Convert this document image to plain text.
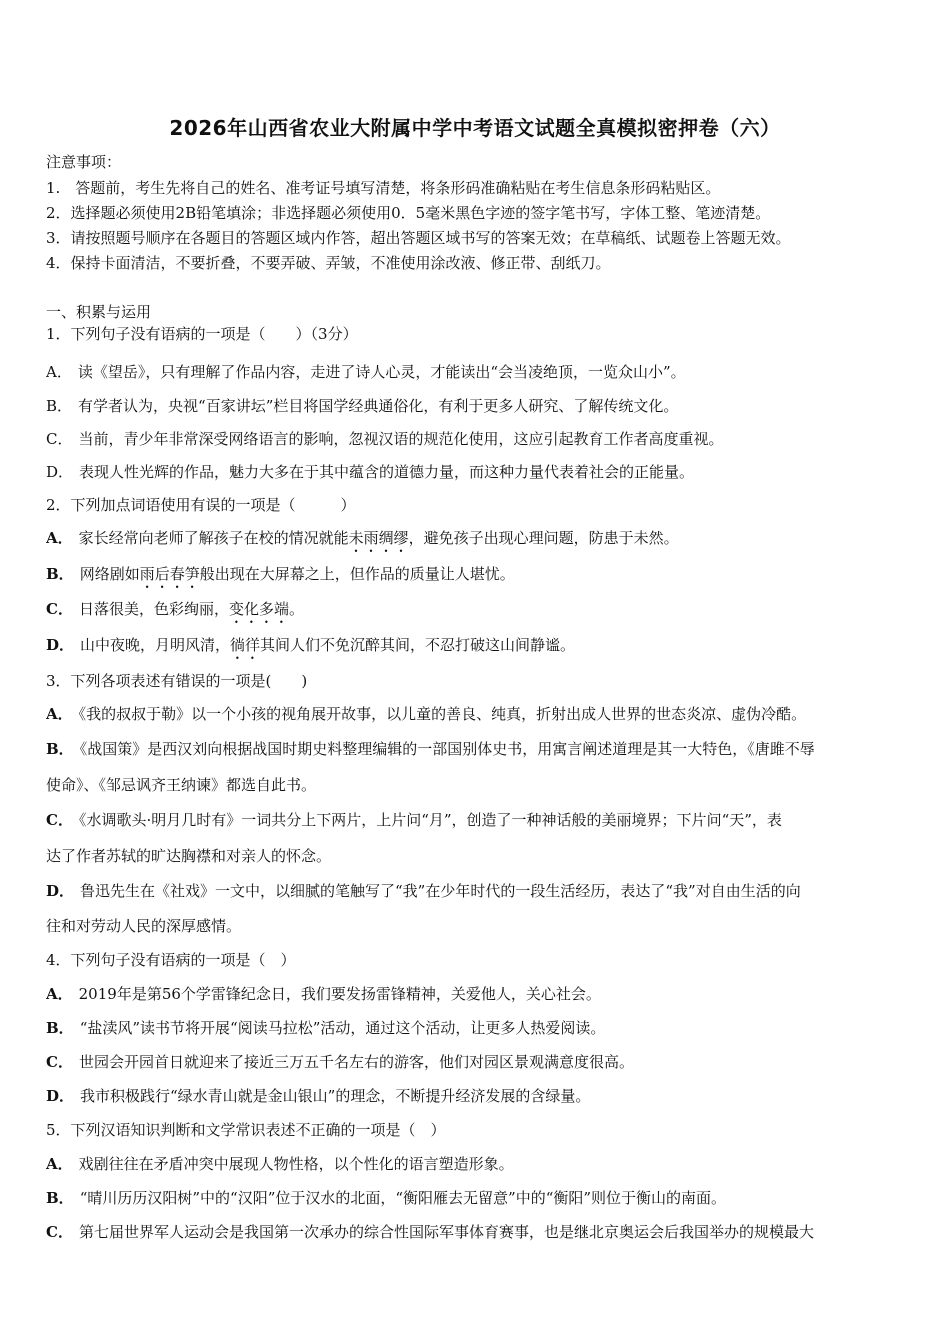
2026年山西省农业大附属中学中考语文试题全真模拟密押卷（六）
注意事项：
1.　答题前，考生先将自己的姓名、准考证号填写清楚，将条形码准确粘贴在考生信息条形码粘贴区。
2．选择题必须使用2B铅笔填涂；非选择题必须使用0．5毫米黑色字迹的签字笔书写，字体工整、笔迹清楚。
3．请按照题号顺序在各题目的答题区域内作答，超出答题区域书写的答案无效；在草稿纸、试题卷上答题无效。
4．保持卡面清洁，不要折叠，不要弄破、弄皱，不准使用涂改液、修正带、刮纸刀。
一、积累与运用
1．下列句子没有语病的一项是（　　）（3分）
A． 读《望岳》，只有理解了作品内容，走进了诗人心灵，才能读出“会当凌绝顶，一览众山小”。
B． 有学者认为，央视“百家讲坛”栏目将国学经典通俗化，有利于更多人研究、了解传统文化。
C． 当前，青少年非常深受网络语言的影响，忽视汉语的规范化使用，这应引起教育工作者高度重视。
D． 表现人性光辉的作品，魅力大多在于其中蕴含的道德力量，而这种力量代表着社会的正能量。
2．下列加点词语使用有误的一项是（　　　）
A． 家长经常向老师了解孩子在校的情况就能未雨绸缪，避免孩子出现心理问题，防患于未然。
B． 网络剧如雨后春笋般出现在大屏幕之上，但作品的质量让人堪忧。
C． 日落很美，色彩绚丽，变化多端。
D． 山中夜晚，月明风清，徜徉其间人们不免沉醉其间，不忍打破这山间静谧。
3．下列各项表述有错误的一项是(　　)
A． 《我的叔叔于勒》以一个小孩的视角展开故事，以儿童的善良、纯真，折射出成人世界的世态炎凉、虚伪冷酷。
B． 《战国策》是西汉刘向根据战国时期史料整理编辑的一部国别体史书，用寓言阐述道理是其一大特色，《唐雎不辱
使命》、《邹忌讽齐王纳谏》都选自此书。
C． 《水调歌头·明月几时有》一词共分上下两片，上片问“月”，创造了一种神话般的美丽境界；下片问“天”，表
达了作者苏轼的旷达胸襟和对亲人的怀念。
D． 鲁迅先生在《社戏》一文中，以细腻的笔触写了“我”在少年时代的一段生活经历，表达了“我”对自由生活的向
往和对劳动人民的深厚感情。
4．下列句子没有语病的一项是（　）
A． 2019年是第56个学雷锋纪念日，我们要发扬雷锋精神，关爱他人，关心社会。
B． “盐渎风”读书节将开展“阅读马拉松”活动，通过这个活动，让更多人热爱阅读。
C． 世园会开园首日就迎来了接近三万五千名左右的游客，他们对园区景观满意度很高。
D． 我市积极践行“绿水青山就是金山银山”的理念，不断提升经济发展的含绿量。
5．下列汉语知识判断和文学常识表述不正确的一项是（　）
A． 戏剧往往在矛盾冲突中展现人物性格，以个性化的语言塑造形象。
B． “晴川历历汉阳树”中的“汉阳”位于汉水的北面，“衡阳雁去无留意”中的“衡阳”则位于衡山的南面。
C． 第七届世界军人运动会是我国第一次承办的综合性国际军事体育赛事，也是继北京奥运会后我国举办的规模最大
